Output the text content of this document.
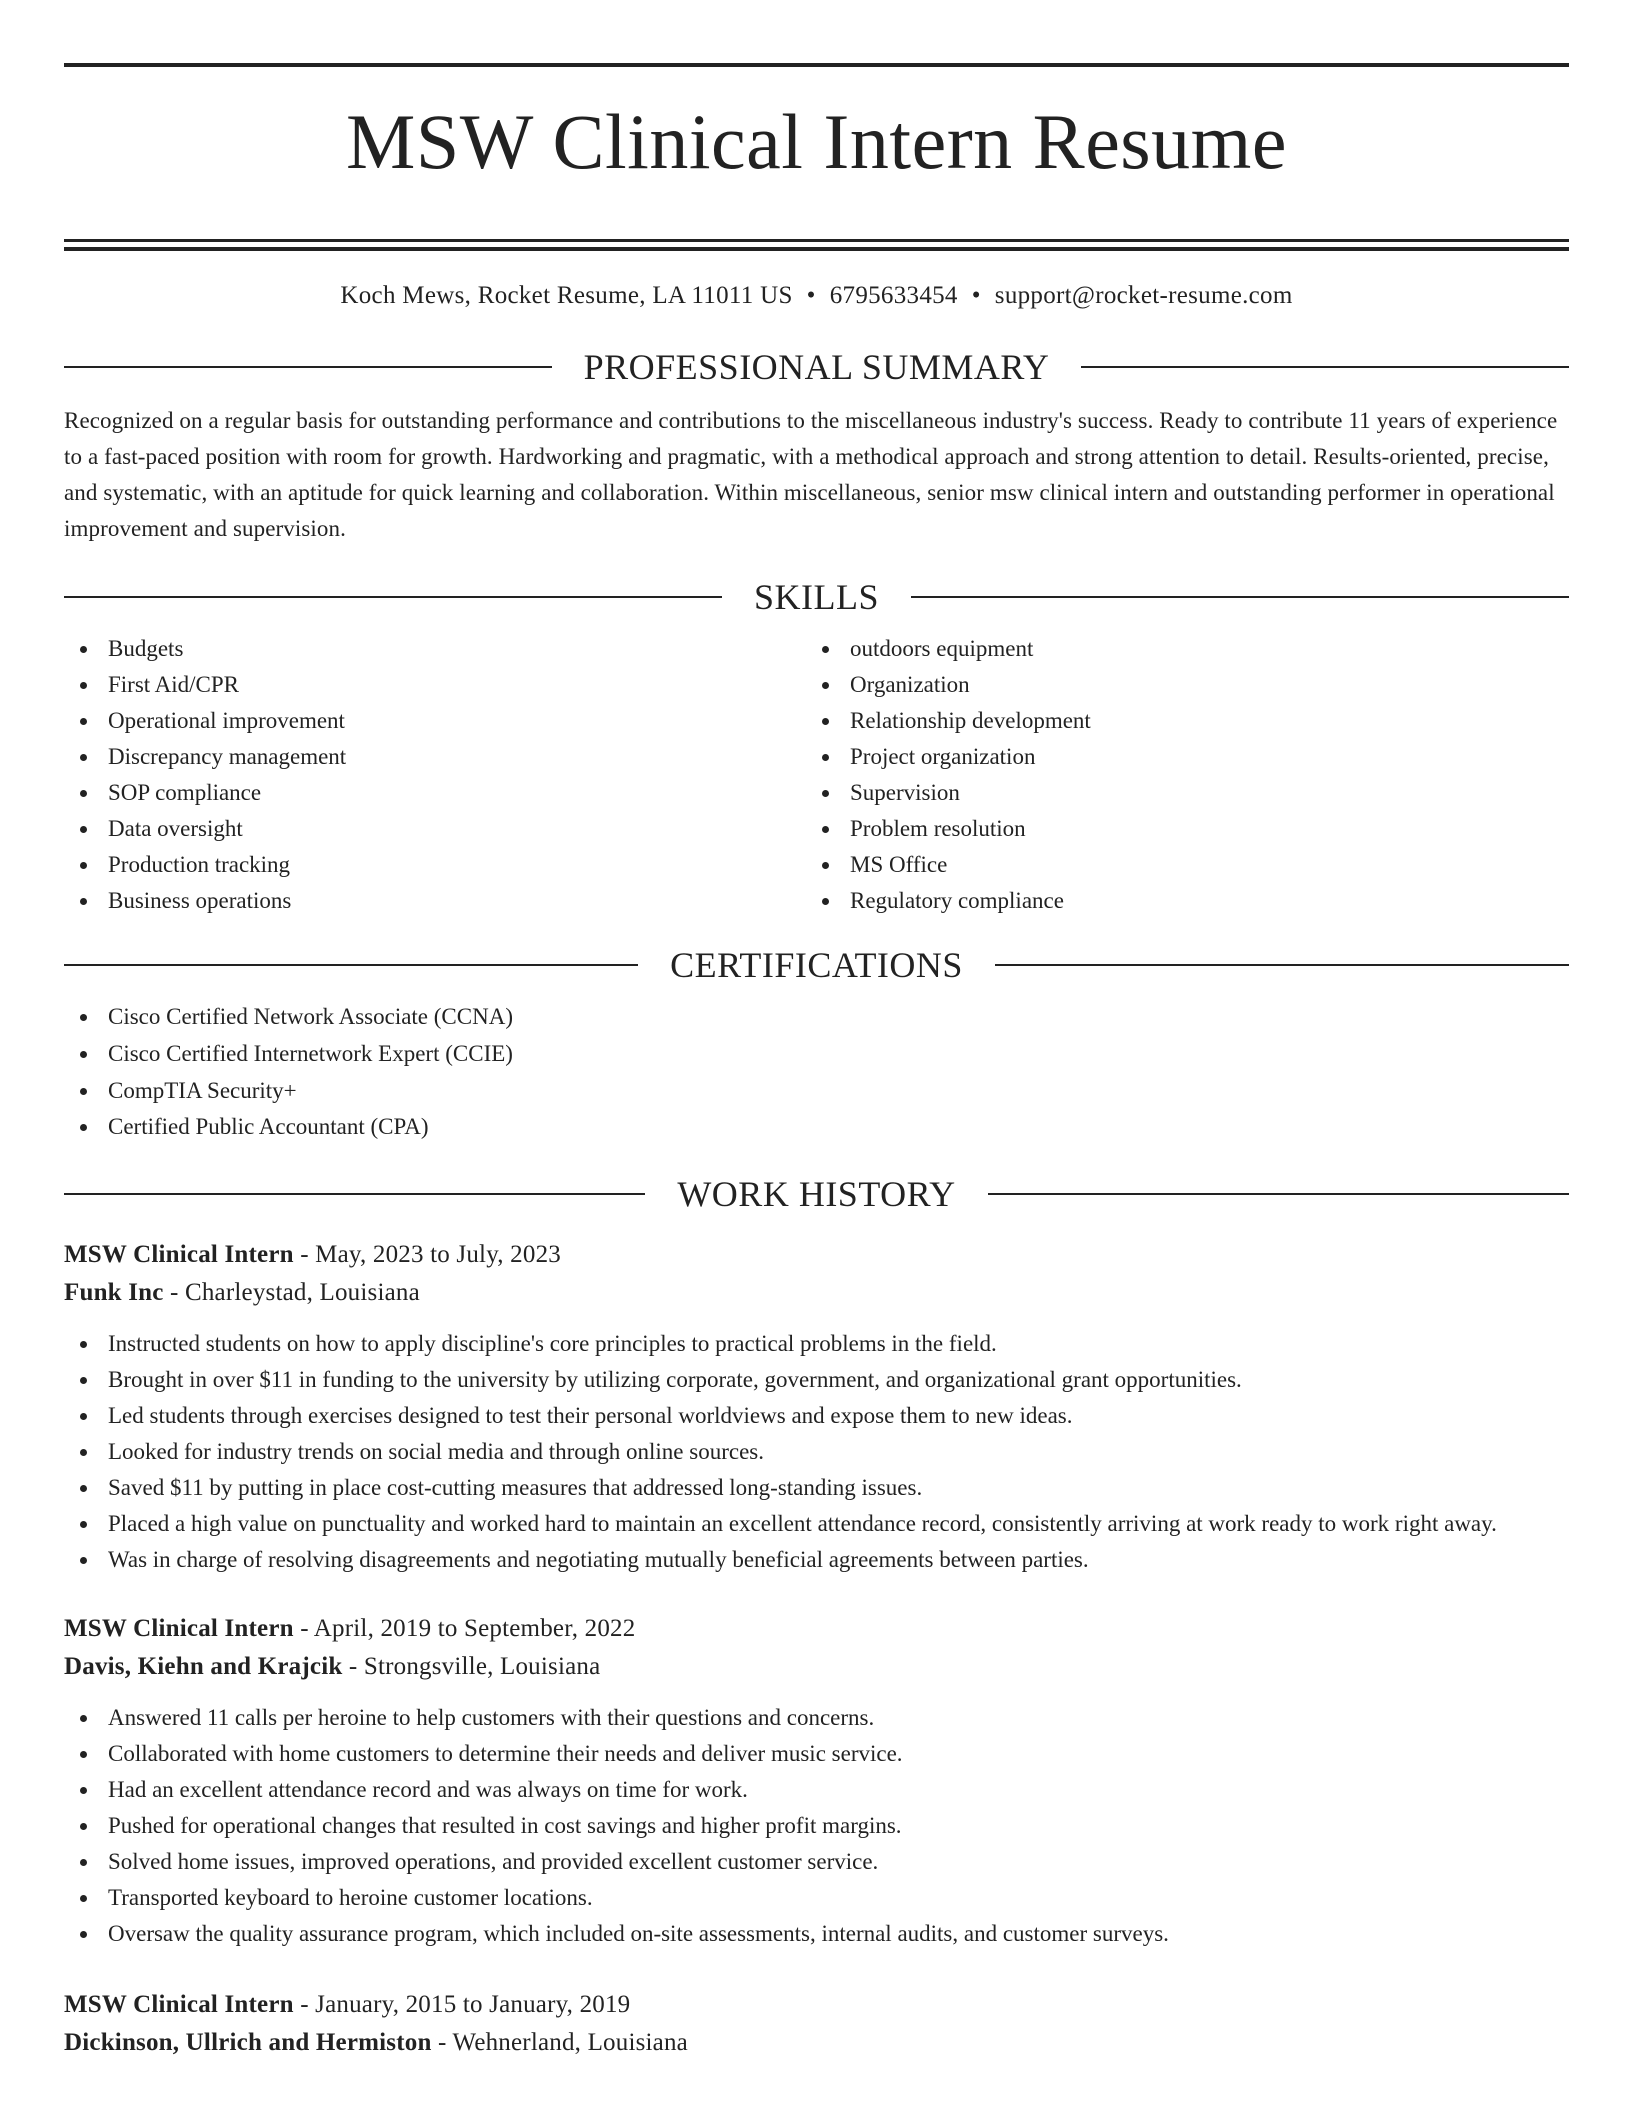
MSW Clinical Intern Resume
Koch Mews, Rocket Resume, LA 11011 US • 6795633454 • support@rocket-resume.com
PROFESSIONAL SUMMARY

Recognized on a regular basis for outstanding performance and contributions to the miscellaneous industry's success. Ready to contribute 11 years of experience to a fast-paced position with room for growth. Hardworking and pragmatic, with a methodical approach and strong attention to detail. Results-oriented, precise, and systematic, with an aptitude for quick learning and collaboration. Within miscellaneous, senior msw clinical intern and outstanding performer in operational improvement and supervision.

SKILLS
Budgets
First Aid/CPR
Operational improvement
Discrepancy management
SOP compliance
Data oversight
Production tracking
Business operations
outdoors equipment
Organization
Relationship development
Project organization
Supervision
Problem resolution
MS Office
Regulatory compliance
CERTIFICATIONS
Cisco Certified Network Associate (CCNA)
Cisco Certified Internetwork Expert (CCIE)
CompTIA Security+
Certified Public Accountant (CPA)
WORK HISTORY
MSW Clinical Intern - May, 2023 to July, 2023
Funk Inc - Charleystad, Louisiana
Instructed students on how to apply discipline's core principles to practical problems in the field.
Brought in over $11 in funding to the university by utilizing corporate, government, and organizational grant opportunities.
Led students through exercises designed to test their personal worldviews and expose them to new ideas.
Looked for industry trends on social media and through online sources.
Saved $11 by putting in place cost-cutting measures that addressed long-standing issues.
Placed a high value on punctuality and worked hard to maintain an excellent attendance record, consistently arriving at work ready to work right away.
Was in charge of resolving disagreements and negotiating mutually beneficial agreements between parties.
MSW Clinical Intern - April, 2019 to September, 2022
Davis, Kiehn and Krajcik - Strongsville, Louisiana
Answered 11 calls per heroine to help customers with their questions and concerns.
Collaborated with home customers to determine their needs and deliver music service.
Had an excellent attendance record and was always on time for work.
Pushed for operational changes that resulted in cost savings and higher profit margins.
Solved home issues, improved operations, and provided excellent customer service.
Transported keyboard to heroine customer locations.
Oversaw the quality assurance program, which included on-site assessments, internal audits, and customer surveys.
MSW Clinical Intern - January, 2015 to January, 2019
Dickinson, Ullrich and Hermiston - Wehnerland, Louisiana
